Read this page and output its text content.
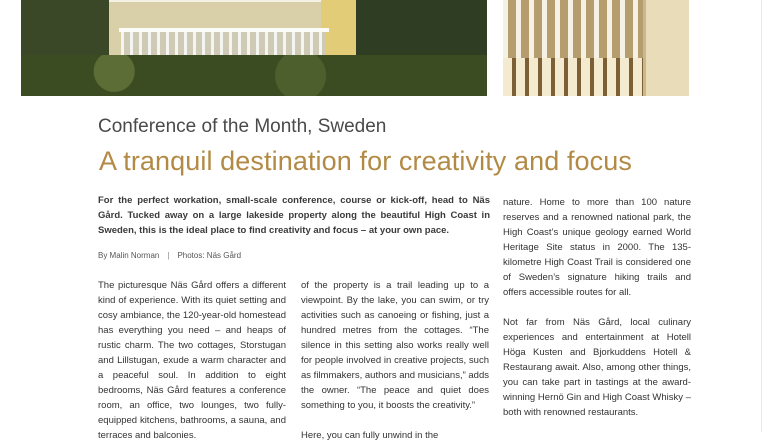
Conference of the Month, Sweden
A tranquil destination for creativity and focus
For the perfect workation, small-scale conference, course or kick-off, head to Näs Gård. Tucked away on a large lakeside property along the beautiful High Coast in Sweden, this is the ideal place to find creativity and focus – at your own pace.
By Malin Norman | Photos: Näs Gård

The picturesque Näs Gård offers a different kind of experience. With its quiet setting and cosy ambiance, the 120-year-old homestead has everything you need – and heaps of rustic charm. The two cottages, Storstugan and Lillstugan, exude a warm character and a peaceful soul. In addition to eight bedrooms, Näs Gård features a conference room, an office, two lounges, two fully-equipped kitchens, bathrooms, a sauna, and terraces and balconies.

of the property is a trail leading up to a viewpoint. By the lake, you can swim, or try activities such as canoeing or fishing, just a hundred metres from the cottages. “The silence in this setting also works really well for people involved in creative projects, such as filmmakers, authors and musicians,” adds the owner. “The peace and quiet does something to you, it boosts the creativity.”

Here, you can fully unwind in the

nature. Home to more than 100 nature reserves and a renowned national park, the High Coast’s unique geology earned World Heritage Site status in 2000. The 135-kilometre High Coast Trail is considered one of Sweden’s signature hiking trails and offers accessible routes for all.

Not far from Näs Gård, local culinary experiences and entertainment at Hotell Höga Kusten and Bjorkuddens Hotell & Restaurang await. Also, among other things, you can take part in tastings at the award-winning Hernö Gin and High Coast Whisky – both with renowned restaurants.
